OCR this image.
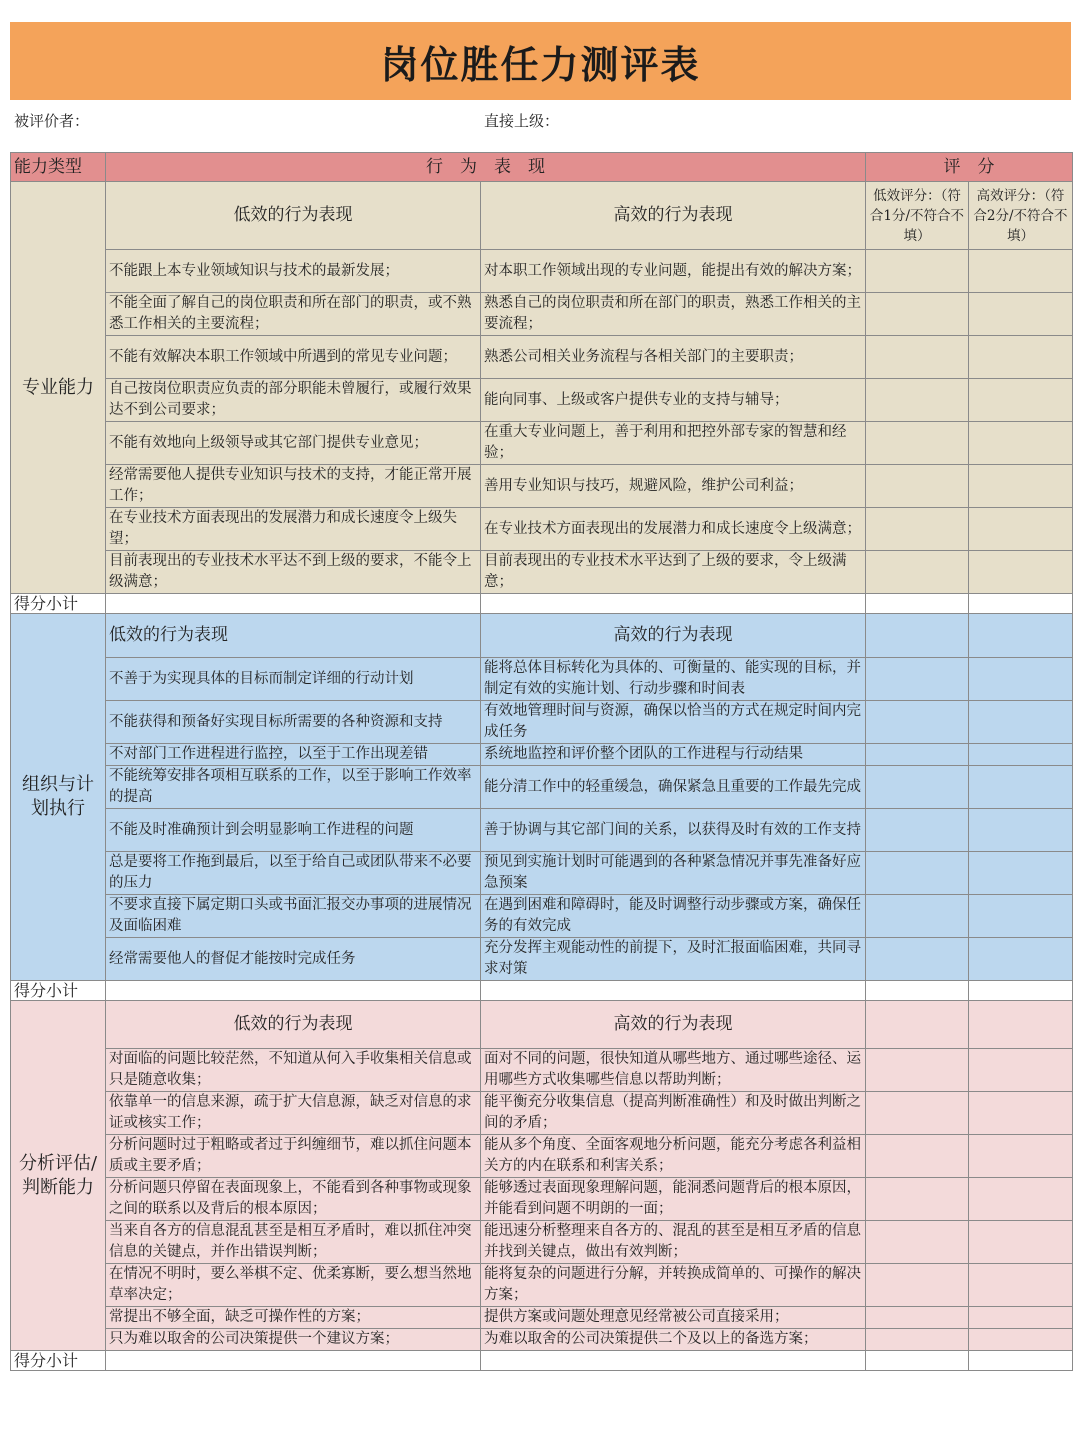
岗位胜任力测评表
被评价者：	直接上级：
能力类型	行　为　表　现		评　分	
专业能力	低效的行为表现	高效的行为表现	低效评分：（符合1分/不符合不填）	高效评分：（符合2分/不符合不填）
	不能跟上本专业领域知识与技术的最新发展；	对本职工作领域出现的专业问题，能提出有效的解决方案；		
	不能全面了解自己的岗位职责和所在部门的职责，或不熟悉工作相关的主要流程；	熟悉自己的岗位职责和所在部门的职责，熟悉工作相关的主要流程；		
	不能有效解决本职工作领域中所遇到的常见专业问题；	熟悉公司相关业务流程与各相关部门的主要职责；		
	自己按岗位职责应负责的部分职能未曾履行，或履行效果达不到公司要求；	能向同事、上级或客户提供专业的支持与辅导；		
	不能有效地向上级领导或其它部门提供专业意见；	在重大专业问题上，善于利用和把控外部专家的智慧和经验；		
	经常需要他人提供专业知识与技术的支持，才能正常开展工作；	善用专业知识与技巧，规避风险，维护公司利益；		
	在专业技术方面表现出的发展潜力和成长速度令上级失望；	在专业技术方面表现出的发展潜力和成长速度令上级满意；		
	目前表现出的专业技术水平达不到上级的要求，不能令上级满意；	目前表现出的专业技术水平达到了上级的要求，令上级满意；		
得分小计				
组织与计划执行	低效的行为表现	高效的行为表现		
	不善于为实现具体的目标而制定详细的行动计划	能将总体目标转化为具体的、可衡量的、能实现的目标，并制定有效的实施计划、行动步骤和时间表		
	不能获得和预备好实现目标所需要的各种资源和支持	有效地管理时间与资源，确保以恰当的方式在规定时间内完成任务		
	不对部门工作进程进行监控，以至于工作出现差错	系统地监控和评价整个团队的工作进程与行动结果		
	不能统筹安排各项相互联系的工作，以至于影响工作效率的提高	能分清工作中的轻重缓急，确保紧急且重要的工作最先完成		
	不能及时准确预计到会明显影响工作进程的问题	善于协调与其它部门间的关系，以获得及时有效的工作支持		
	总是要将工作拖到最后，以至于给自己或团队带来不必要的压力	预见到实施计划时可能遇到的各种紧急情况并事先准备好应急预案		
	不要求直接下属定期口头或书面汇报交办事项的进展情况及面临困难	在遇到困难和障碍时，能及时调整行动步骤或方案，确保任务的有效完成		
	经常需要他人的督促才能按时完成任务	充分发挥主观能动性的前提下，及时汇报面临困难，共同寻求对策		
得分小计				
分析评估/判断能力	低效的行为表现	高效的行为表现		
	对面临的问题比较茫然，不知道从何入手收集相关信息或只是随意收集；	面对不同的问题，很快知道从哪些地方、通过哪些途径、运用哪些方式收集哪些信息以帮助判断；		
	依靠单一的信息来源，疏于扩大信息源，缺乏对信息的求证或核实工作；	能平衡充分收集信息（提高判断准确性）和及时做出判断之间的矛盾；		
	分析问题时过于粗略或者过于纠缠细节，难以抓住问题本质或主要矛盾；	能从多个角度、全面客观地分析问题，能充分考虑各利益相关方的内在联系和利害关系；		
	分析问题只停留在表面现象上，不能看到各种事物或现象之间的联系以及背后的根本原因；	能够透过表面现象理解问题，能洞悉问题背后的根本原因，并能看到问题不明朗的一面；		
	当来自各方的信息混乱甚至是相互矛盾时，难以抓住冲突信息的关键点，并作出错误判断；	能迅速分析整理来自各方的、混乱的甚至是相互矛盾的信息并找到关键点，做出有效判断；		
	在情况不明时，要么举棋不定、优柔寡断，要么想当然地草率决定；	能将复杂的问题进行分解，并转换成简单的、可操作的解决方案；		
	常提出不够全面，缺乏可操作性的方案；	提供方案或问题处理意见经常被公司直接采用；		
	只为难以取舍的公司决策提供一个建议方案；	为难以取舍的公司决策提供二个及以上的备选方案；		
得分小计				
